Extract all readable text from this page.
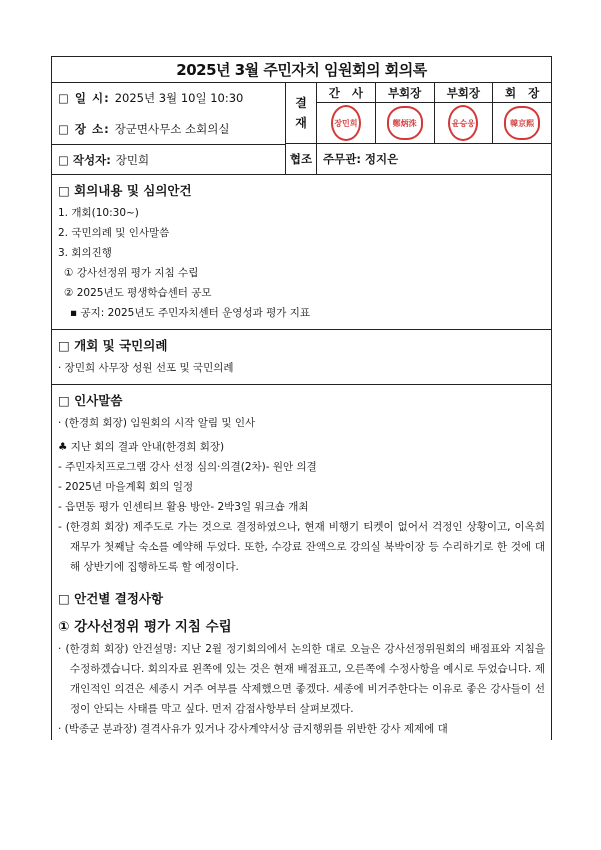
2025년 3월 주민자치 임원회의 회의록
□ 일 시: 2025년 3월 10일 10:30
□ 장 소: 장군면사무소 소회의실
□ 작성자: 장민희
결
재
간   사
장민희
부회장
鄭炳洙
부회장
윤승웅
회   장
韓京熙
협조 주무관: 정지은
□ 회의내용 및 심의안건
1. 개회(10:30~)
2. 국민의례 및 인사말씀
3. 회의진행
① 강사선정위 평가 지침 수립
② 2025년도 평생학습센터 공모
▪ 공지: 2025년도 주민자치센터 운영성과 평가 지표
□ 개회 및 국민의례
· 장민희 사무장 성원 선포 및 국민의례
□ 인사말씀
· (한경희 회장) 임원회의 시작 알림 및 인사
♣ 지난 회의 결과 안내(한경희 회장)
- 주민자치프로그램 강사 선정 심의·의결(2차)- 원안 의결
- 2025년 마을계획 회의 일정
- 읍면동 평가 인센티브 활용 방안- 2박3일 워크숍 개최
- (한경희 회장) 제주도로 가는 것으로 결정하였으나, 현재 비행기 티켓이 없어서 걱정인 상황이고, 이옥희 재무가 첫째날 숙소를 예약해 두었다. 또한, 수강료 잔액으로 강의실 북박이장 등 수리하기로 한 것에 대해 상반기에 집행하도록 할 예정이다.
□ 안건별 결정사항
① 강사선정위 평가 지침 수립
· (한경희 회장) 안건설명: 지난 2월 정기회의에서 논의한 대로 오늘은 강사선정위원회의 배점표와 지침을 수정하겠습니다. 회의자료 왼쪽에 있는 것은 현재 배점표고, 오른쪽에 수정사항을 예시로 두었습니다. 제 개인적인 의견은 세종시 거주 여부를 삭제했으면 좋겠다. 세종에 비거주한다는 이유로 좋은 강사들이 선정이 안되는 사태를 막고 싶다. 먼저 감점사항부터 살펴보겠다.
· (박종군 분과장) 결격사유가 있거나 강사계약서상 금지행위를 위반한 강사 제제에 대
